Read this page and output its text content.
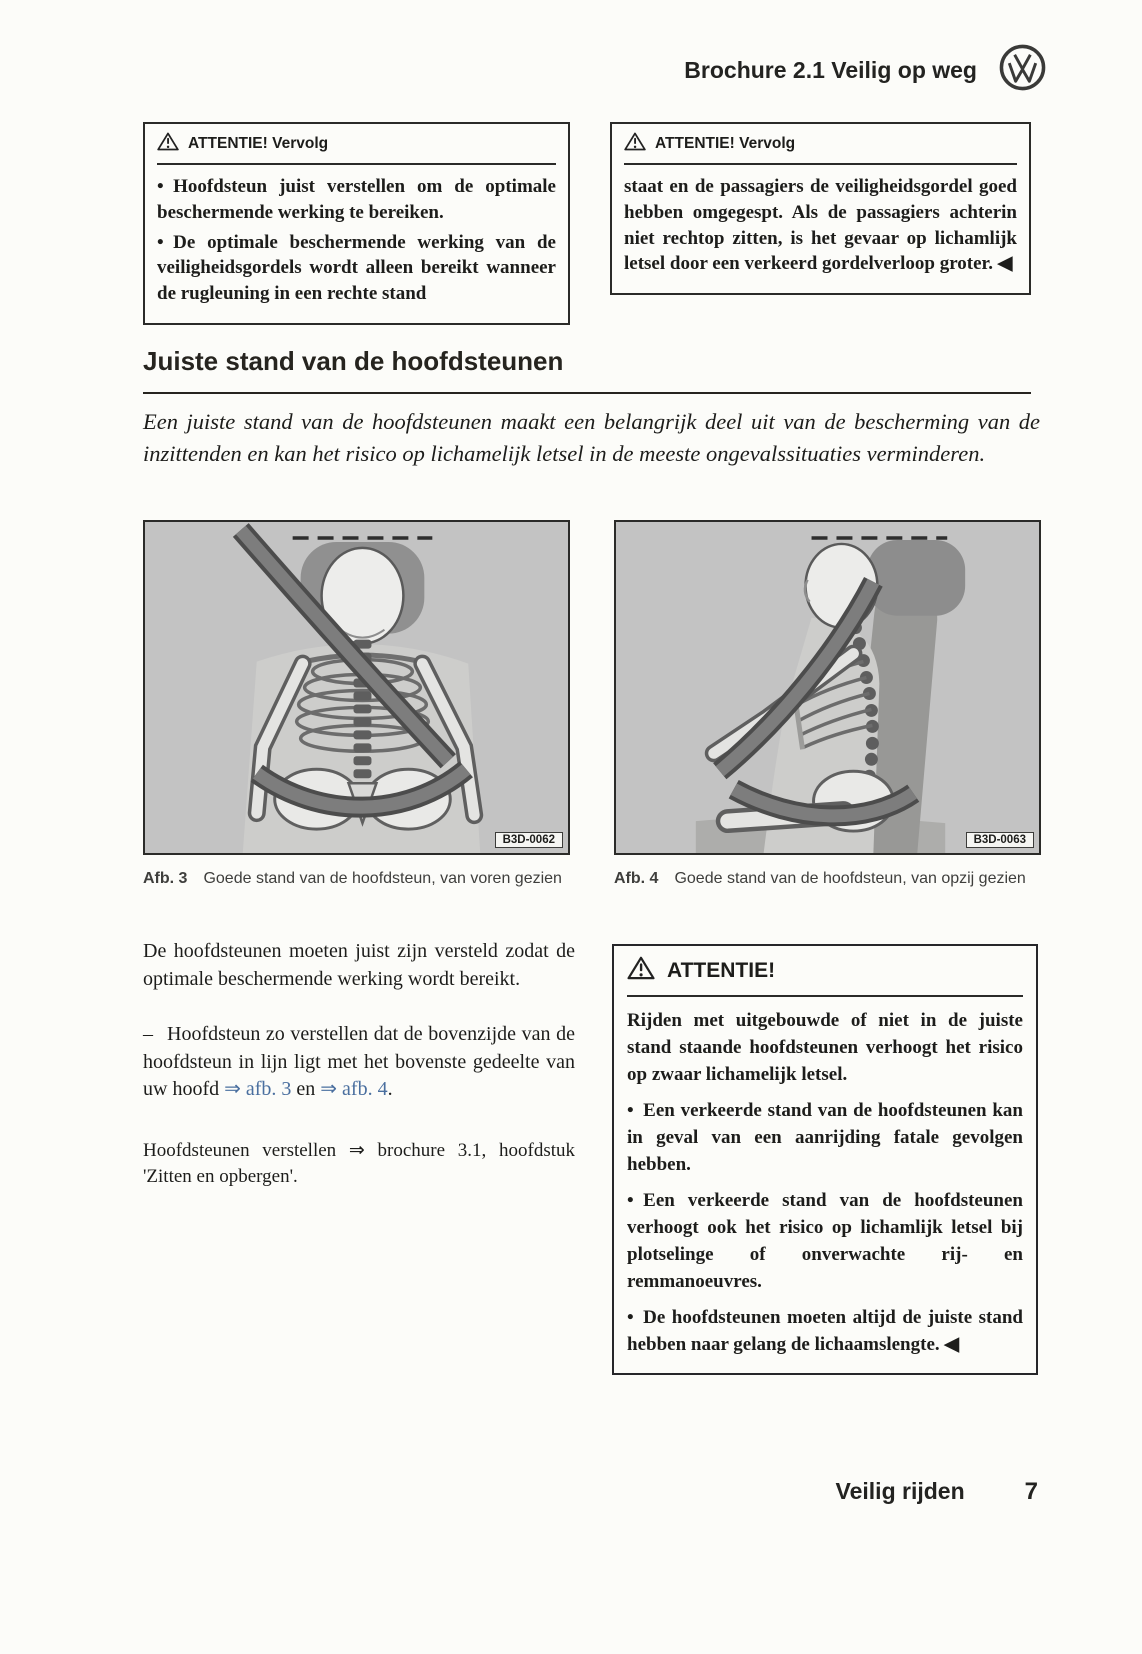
Brochure 2.1 Veilig op weg
ATTENTIE! Vervolg

• Hoofdsteun juist verstellen om de optimale beschermende werking te bereiken.

• De optimale beschermende werking van de veiligheidsgordels wordt alleen bereikt wanneer de rugleuning in een rechte stand

ATTENTIE! Vervolg

staat en de passagiers de veiligheidsgordel goed hebben omgegespt. Als de passagiers achterin niet rechtop zitten, is het gevaar op lichamlijk letsel door een verkeerd gordelverloop groter. ◀

Juiste stand van de hoofdsteunen
Een juiste stand van de hoofdsteunen maakt een belangrijk deel uit van de bescherming van de inzittenden en kan het risico op lichamelijk letsel in de meeste ongevalssituaties verminderen.
B3D-0062
Afb. 3 Goede stand van de hoofdsteun, van voren gezien
B3D-0063
Afb. 4 Goede stand van de hoofdsteun, van opzij gezien

De hoofdsteunen moeten juist zijn versteld zodat de optimale beschermende werking wordt bereikt.

– Hoofdsteun zo verstellen dat de bovenzijde van de hoofdsteun in lijn ligt met het bovenste gedeelte van uw hoofd ⇒ afb. 3 en ⇒ afb. 4.

Hoofdsteunen verstellen ⇒ brochure 3.1, hoofdstuk 'Zitten en opbergen'.

ATTENTIE!

Rijden met uitgebouwde of niet in de juiste stand staande hoofdsteunen verhoogt het risico op zwaar lichamelijk letsel.

• Een verkeerde stand van de hoofdsteunen kan in geval van een aanrijding fatale gevolgen hebben.

• Een verkeerde stand van de hoofdsteunen verhoogt ook het risico op lichamlijk letsel bij plotselinge of onverwachte rij- en remmanoeuvres.

• De hoofdsteunen moeten altijd de juiste stand hebben naar gelang de lichaamslengte. ◀

Veilig rijden	7
